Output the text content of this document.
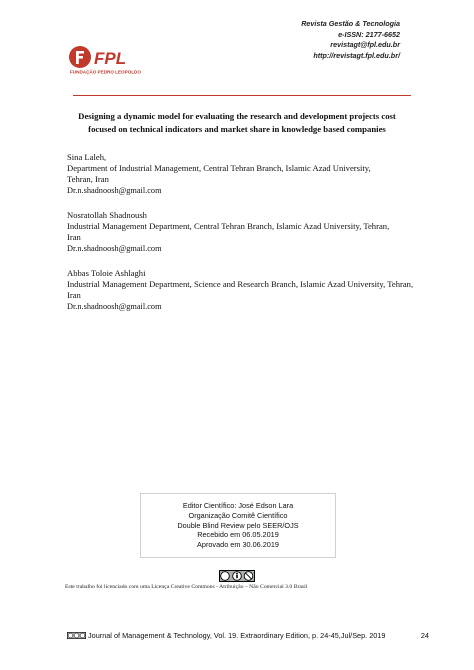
Revista Gestão & Tecnologia
e-ISSN: 2177-6652
revistagt@fpl.edu.br
http://revistagt.fpl.edu.br/
FPL
FUNDAÇÃO PEDRO LEOPOLDO
Designing a dynamic model for evaluating the research and development projects cost
focused on technical indicators and market share in knowledge based companies
Sina Laleh,
Department of Industrial Management, Central Tehran Branch, Islamic Azad University,
Tehran, Iran
Dr.n.shadnoosh@gmail.com
Nosratollah Shadnoush
Industrial Management Department, Central Tehran Branch, Islamic Azad University, Tehran,
Iran
Dr.n.shadnoosh@gmail.com
Abbas Toloie Ashlaghi
Industrial Management Department, Science and Research Branch, Islamic Azad University, Tehran,
Iran
Dr.n.shadnoosh@gmail.com
Editor Científico: José Edson Lara
Organização Comitê Científico
Double Blind Review pelo SEER/OJS
Recebido em 06.05.2019
Aprovado em 30.06.2019
Este trabalho foi licenciado com uma Licença Creative Commons - Atribuição – Não Comercial 3.0 Brasil
Journal of Management & Technology, Vol. 19. Extraordinary Edition, p. 24-45,Jul/Sep. 2019	24
